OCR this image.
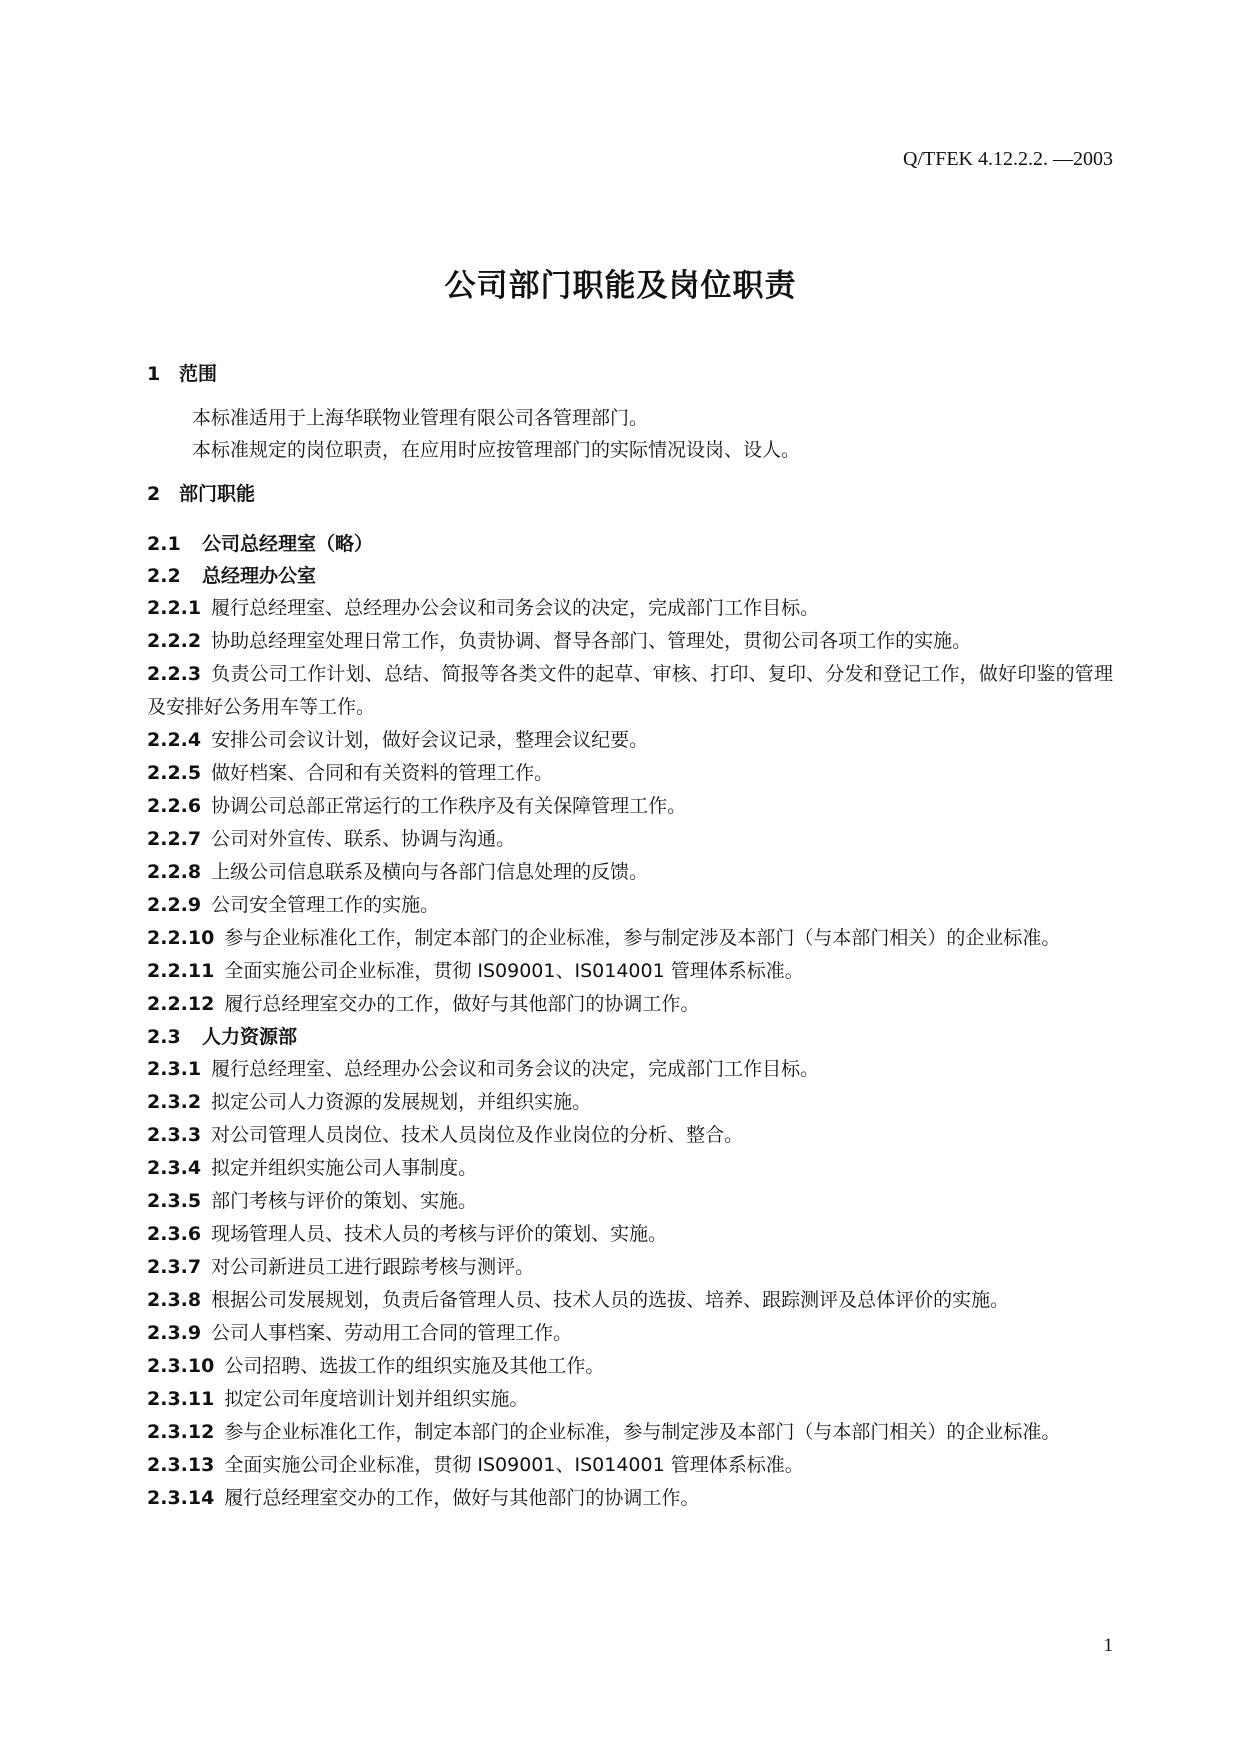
Q/TFEK 4.12.2.2. —2003
公司部门职能及岗位职责
1 范围
本标准适用于上海华联物业管理有限公司各管理部门。
本标准规定的岗位职责，在应用时应按管理部门的实际情况设岗、设人。
2 部门职能
2.1 公司总经理室（略）
2.2 总经理办公室
2.2.1 履行总经理室、总经理办公会议和司务会议的决定，完成部门工作目标。
2.2.2 协助总经理室处理日常工作，负责协调、督导各部门、管理处，贯彻公司各项工作的实施。
2.2.3 负责公司工作计划、总结、简报等各类文件的起草、审核、打印、复印、分发和登记工作，做好印鉴的管理及安排好公务用车等工作。
2.2.4 安排公司会议计划，做好会议记录，整理会议纪要。
2.2.5 做好档案、合同和有关资料的管理工作。
2.2.6 协调公司总部正常运行的工作秩序及有关保障管理工作。
2.2.7 公司对外宣传、联系、协调与沟通。
2.2.8 上级公司信息联系及横向与各部门信息处理的反馈。
2.2.9 公司安全管理工作的实施。
2.2.10 参与企业标准化工作，制定本部门的企业标准，参与制定涉及本部门（与本部门相关）的企业标准。
2.2.11 全面实施公司企业标准，贯彻 IS09001、IS014001 管理体系标准。
2.2.12 履行总经理室交办的工作，做好与其他部门的协调工作。
2.3 人力资源部
2.3.1 履行总经理室、总经理办公会议和司务会议的决定，完成部门工作目标。
2.3.2 拟定公司人力资源的发展规划，并组织实施。
2.3.3 对公司管理人员岗位、技术人员岗位及作业岗位的分析、整合。
2.3.4 拟定并组织实施公司人事制度。
2.3.5 部门考核与评价的策划、实施。
2.3.6 现场管理人员、技术人员的考核与评价的策划、实施。
2.3.7 对公司新进员工进行跟踪考核与测评。
2.3.8 根据公司发展规划，负责后备管理人员、技术人员的选拔、培养、跟踪测评及总体评价的实施。
2.3.9 公司人事档案、劳动用工合同的管理工作。
2.3.10 公司招聘、选拔工作的组织实施及其他工作。
2.3.11 拟定公司年度培训计划并组织实施。
2.3.12 参与企业标准化工作，制定本部门的企业标准，参与制定涉及本部门（与本部门相关）的企业标准。
2.3.13 全面实施公司企业标准，贯彻 IS09001、IS014001 管理体系标准。
2.3.14 履行总经理室交办的工作，做好与其他部门的协调工作。
1
